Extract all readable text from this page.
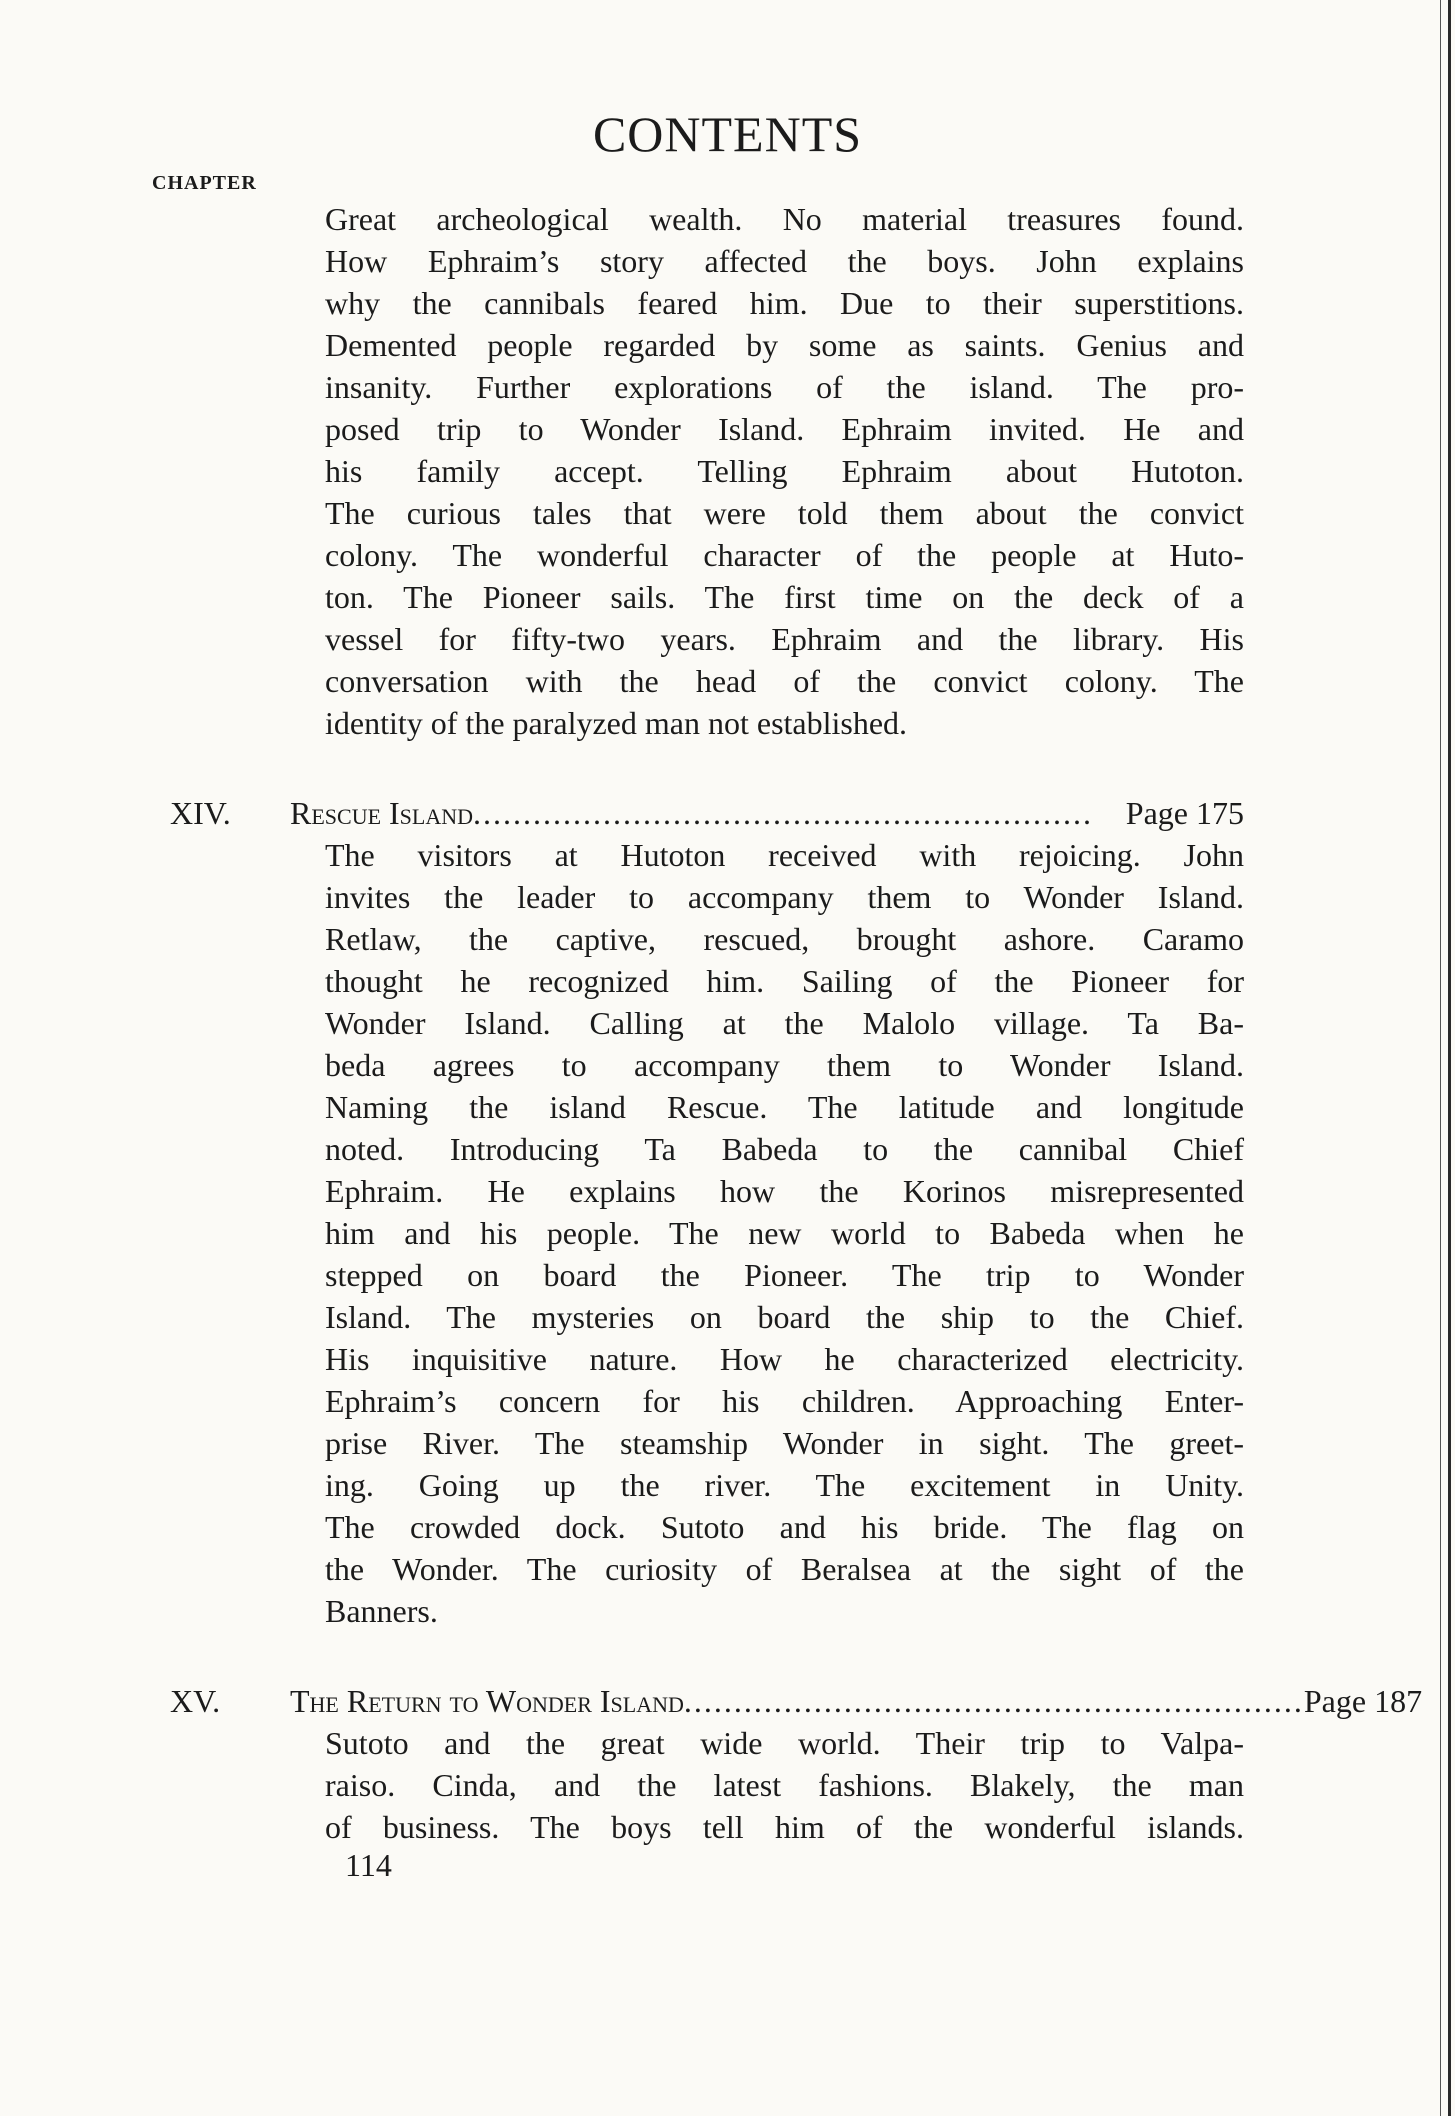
CONTENTS
CHAPTER
Great archeological wealth. No material treasures found.
How Ephraim’s story affected the boys. John explains
why the cannibals feared him. Due to their superstitions.
Demented people regarded by some as saints. Genius and
insanity. Further explorations of the island. The pro-
posed trip to Wonder Island. Ephraim invited. He and
his family accept. Telling Ephraim about Hutoton.
The curious tales that were told them about the convict
colony. The wonderful character of the people at Huto-
ton. The Pioneer sails. The first time on the deck of a
vessel for fifty-two years. Ephraim and the library. His
conversation with the head of the convict colony. The
identity of the paralyzed man not established.
XIV.	Rescue Island ..............................................................	Page 175
The visitors at Hutoton received with rejoicing. John
invites the leader to accompany them to Wonder Island.
Retlaw, the captive, rescued, brought ashore. Caramo
thought he recognized him. Sailing of the Pioneer for
Wonder Island. Calling at the Malolo village. Ta Ba-
beda agrees to accompany them to Wonder Island.
Naming the island Rescue. The latitude and longitude
noted. Introducing Ta Babeda to the cannibal Chief
Ephraim. He explains how the Korinos misrepresented
him and his people. The new world to Babeda when he
stepped on board the Pioneer. The trip to Wonder
Island. The mysteries on board the ship to the Chief.
His inquisitive nature. How he characterized electricity.
Ephraim’s concern for his children. Approaching Enter-
prise River. The steamship Wonder in sight. The greet-
ing. Going up the river. The excitement in Unity.
The crowded dock. Sutoto and his bride. The flag on
the Wonder. The curiosity of Beralsea at the sight of the
Banners.
XV.	The Return to Wonder Island .............................................................. Page 187
Sutoto and the great wide world. Their trip to Valpa-
raiso. Cinda, and the latest fashions. Blakely, the man
of business. The boys tell him of the wonderful islands.
114
